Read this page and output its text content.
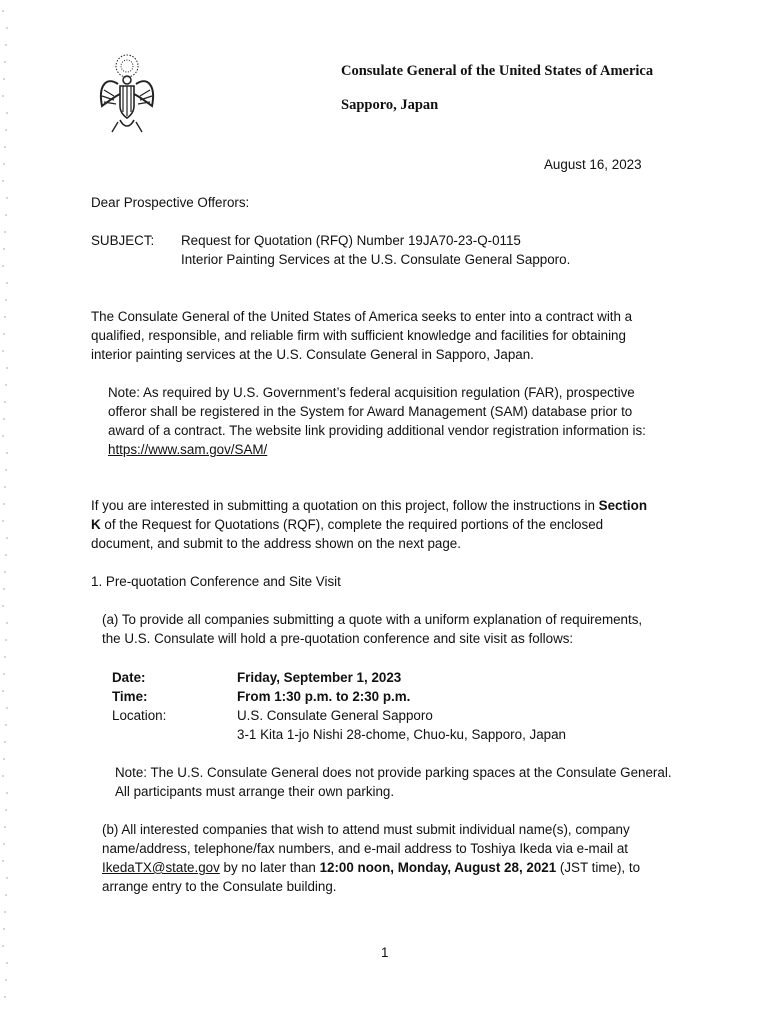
Consulate General of the United States of America
Sapporo, Japan
August 16, 2023
Dear Prospective Offerors:
SUBJECT: Request for Quotation (RFQ) Number 19JA70-23-Q-0115
Interior Painting Services at the U.S. Consulate General Sapporo.
The Consulate General of the United States of America seeks to enter into a contract with a
qualified, responsible, and reliable firm with sufficient knowledge and facilities for obtaining
interior painting services at the U.S. Consulate General in Sapporo, Japan.
Note: As required by U.S. Government’s federal acquisition regulation (FAR), prospective
offeror shall be registered in the System for Award Management (SAM) database prior to
award of a contract. The website link providing additional vendor registration information is:
https://www.sam.gov/SAM/
If you are interested in submitting a quotation on this project, follow the instructions in Section
K of the Request for Quotations (RQF), complete the required portions of the enclosed
document, and submit to the address shown on the next page.
1. Pre-quotation Conference and Site Visit
(a) To provide all companies submitting a quote with a uniform explanation of requirements,
the U.S. Consulate will hold a pre-quotation conference and site visit as follows:
Date:	Friday, September 1, 2023
Time:	From 1:30 p.m. to 2:30 p.m.
Location:	U.S. Consulate General Sapporo
3-1 Kita 1-jo Nishi 28-chome, Chuo-ku, Sapporo, Japan
Note: The U.S. Consulate General does not provide parking spaces at the Consulate General.
All participants must arrange their own parking.
(b) All interested companies that wish to attend must submit individual name(s), company
name/address, telephone/fax numbers, and e-mail address to Toshiya Ikeda via e-mail at
IkedaTX@state.gov by no later than 12:00 noon, Monday, August 28, 2021 (JST time), to
arrange entry to the Consulate building.
1
